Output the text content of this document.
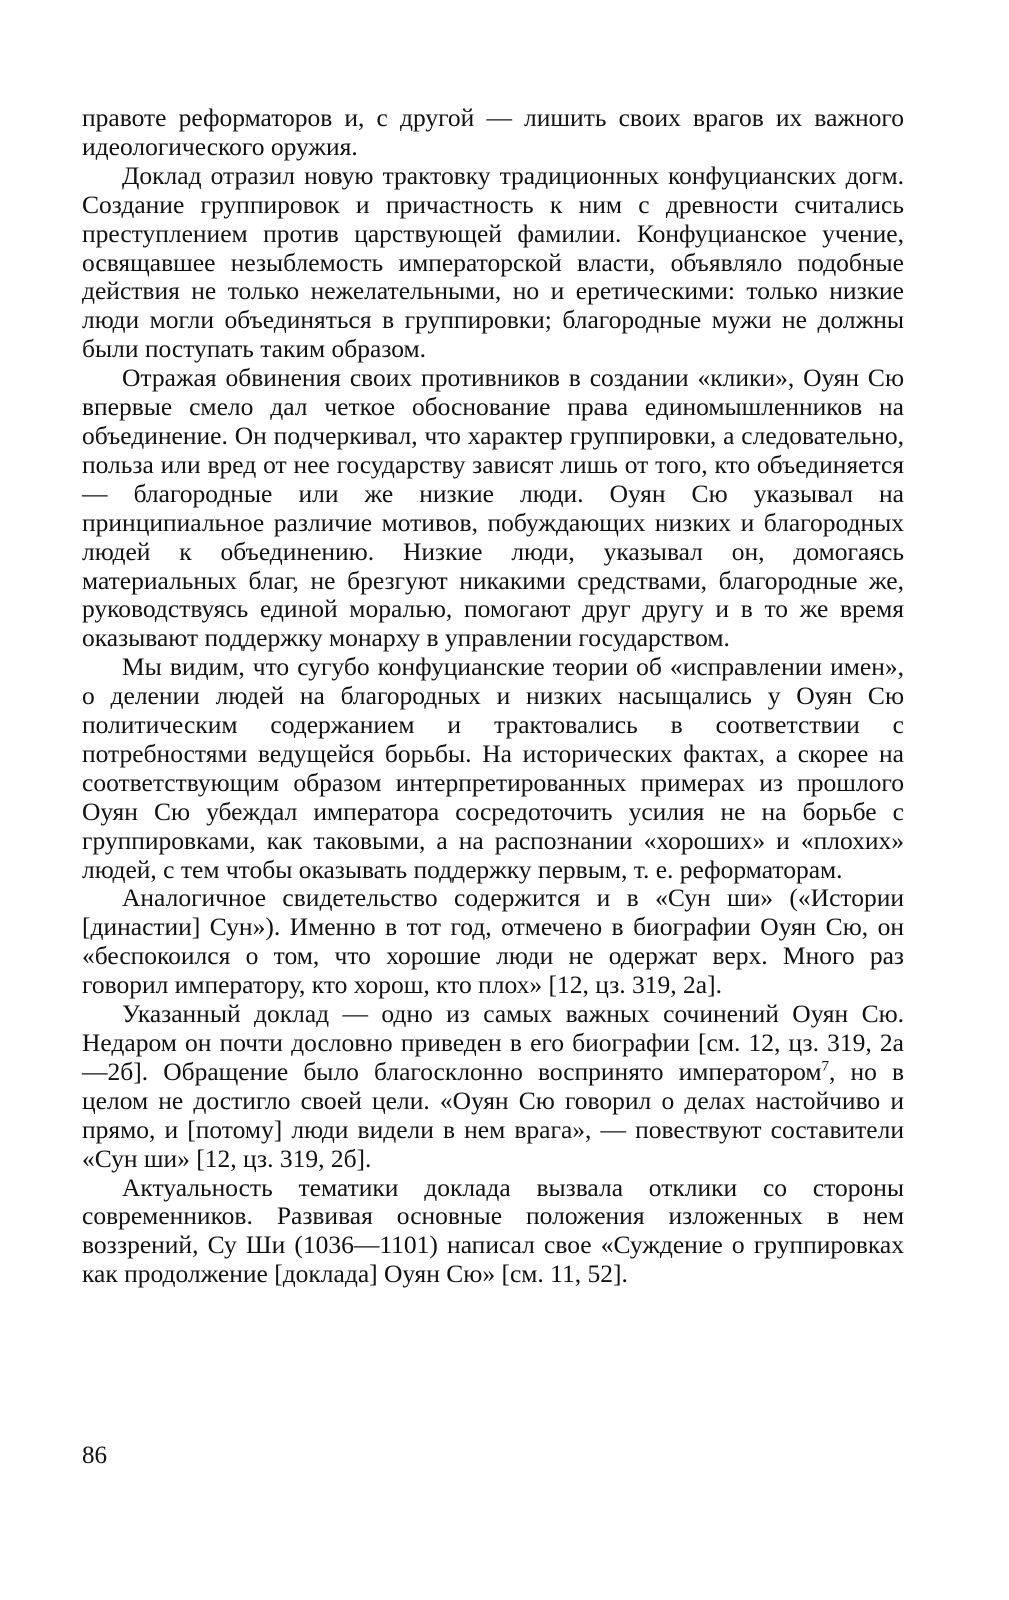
правоте реформаторов и, с другой — лишить своих врагов их важного идеологического оружия.

Доклад отразил новую трактовку традиционных конфуцианских догм. Создание группировок и причастность к ним с древности считались преступлением против царствующей фамилии. Конфуцианское учение, освящавшее незыблемость императорской власти, объявляло подобные действия не только нежелательными, но и еретическими: только низкие люди могли объединяться в группировки; благородные мужи не должны были поступать таким образом.

Отражая обвинения своих противников в создании «клики», Оуян Сю впервые смело дал четкое обоснование права единомышленников на объединение. Он подчеркивал, что характер группировки, а следовательно, польза или вред от нее государству зависят лишь от того, кто объединяется — благородные или же низкие люди. Оуян Сю указывал на принципиальное различие мотивов, побуждающих низких и благородных людей к объединению. Низкие люди, указывал он, домогаясь материальных благ, не брезгуют никакими средствами, благородные же, руководствуясь единой моралью, помогают друг другу и в то же время оказывают поддержку монарху в управлении государством.

Мы видим, что сугубо конфуцианские теории об «исправлении имен», о делении людей на благородных и низких насыщались у Оуян Сю политическим содержанием и трактовались в соответствии с потребностями ведущейся борьбы. На исторических фактах, а скорее на соответствующим образом интерпретированных примерах из прошлого Оуян Сю убеждал императора сосредоточить усилия не на борьбе с группировками, как таковыми, а на распознании «хороших» и «плохих» людей, с тем чтобы оказывать поддержку первым, т. е. реформаторам.

Аналогичное свидетельство содержится и в «Сун ши» («Истории [династии] Сун»). Именно в тот год, отмечено в биографии Оуян Сю, он «беспокоился о том, что хорошие люди не одержат верх. Много раз говорил императору, кто хорош, кто плох» [12, цз. 319, 2а].

Указанный доклад — одно из самых важных сочинений Оуян Сю. Недаром он почти дословно приведен в его биографии [см. 12, цз. 319, 2а—2б]. Обращение было благосклонно воспринято императором$^7$, но в целом не достигло своей цели. «Оуян Сю говорил о делах настойчиво и прямо, и [потому] люди видели в нем врага», — повествуют составители «Сун ши» [12, цз. 319, 2б].

Актуальность тематики доклада вызвала отклики со стороны современников. Развивая основные положения изложенных в нем воззрений, Су Ши (1036—1101) написал свое «Суждение о группировках как продолжение [доклада] Оуян Сю» [см. 11, 52].

86
